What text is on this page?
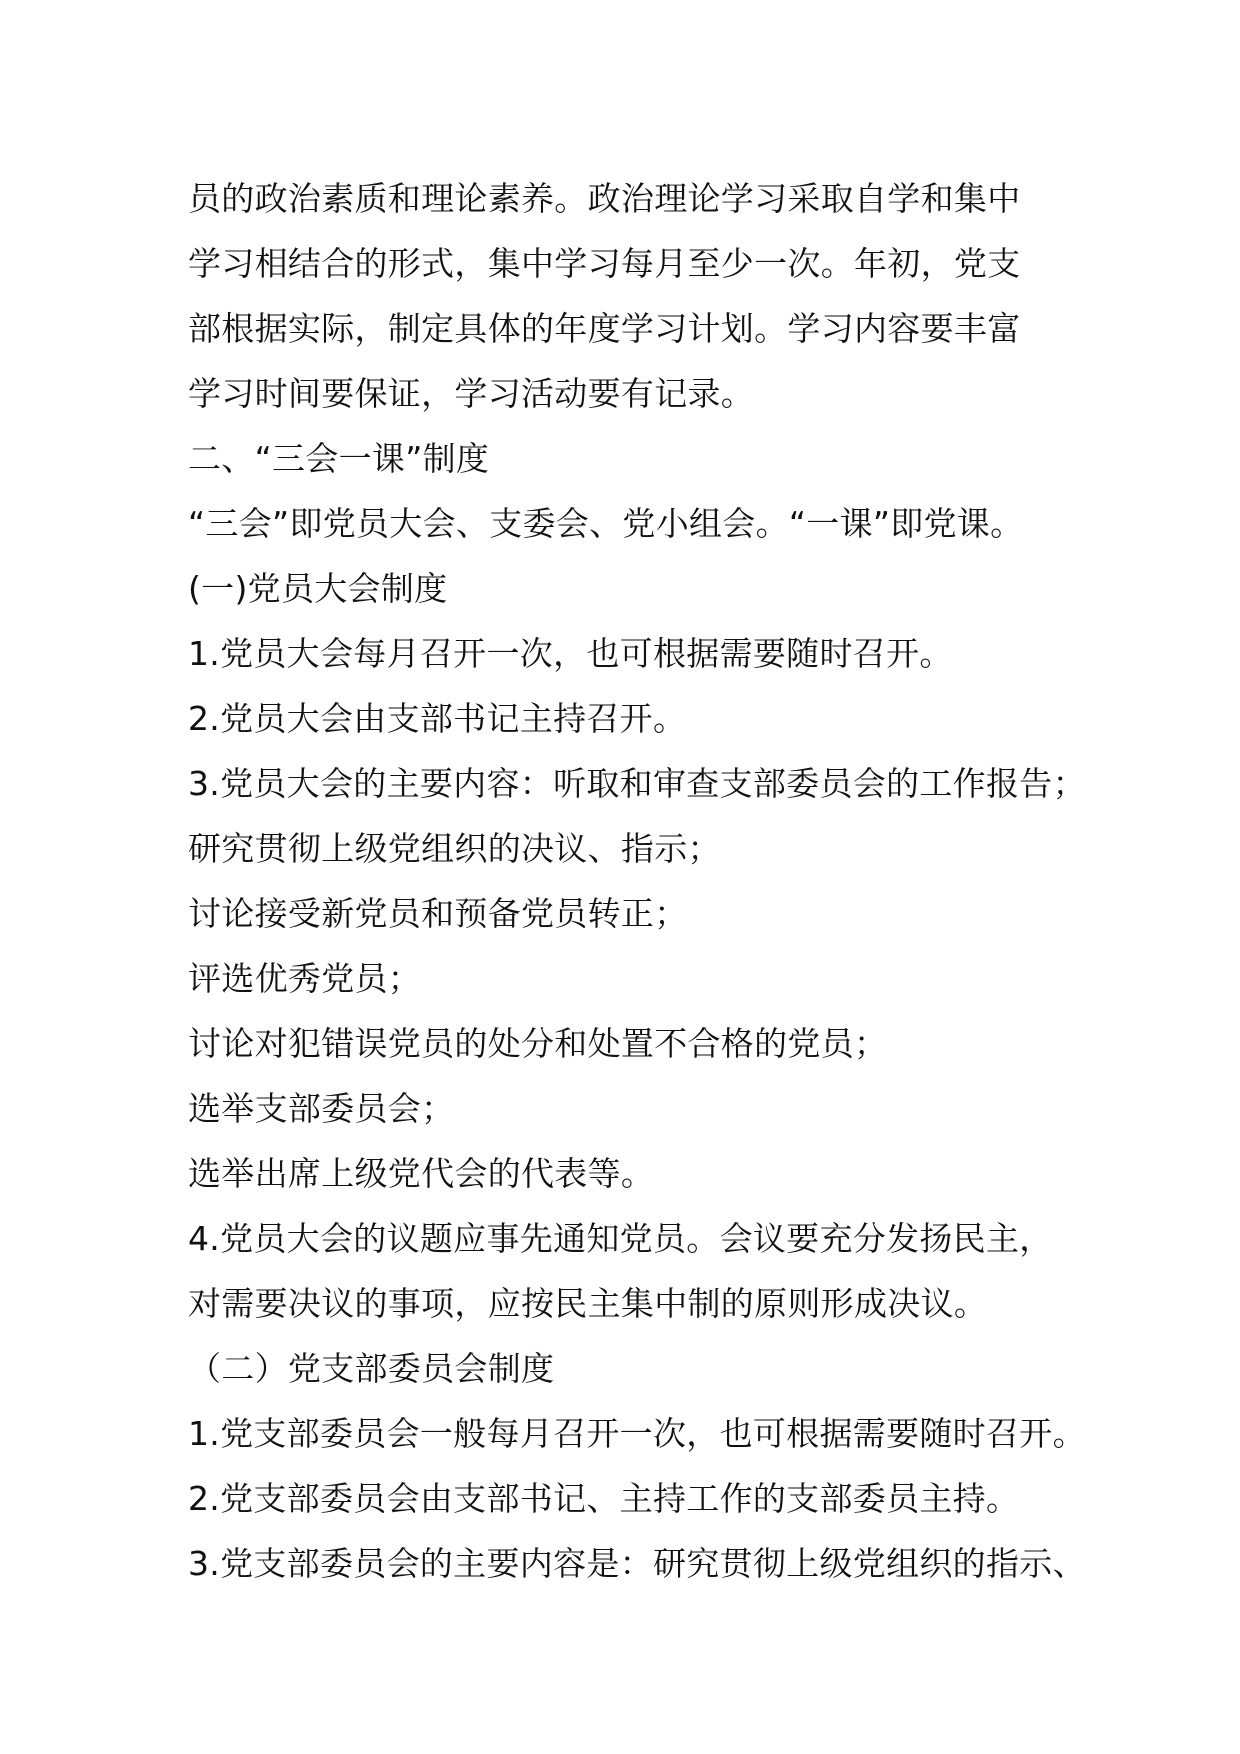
员的政治素质和理论素养。政治理论学习采取自学和集中
学习相结合的形式，集中学习每月至少一次。年初，党支
部根据实际，制定具体的年度学习计划。学习内容要丰富
学习时间要保证，学习活动要有记录。
二、“三会一课”制度
“三会”即党员大会、支委会、党小组会。“一课”即党课。
(一)党员大会制度
1.党员大会每月召开一次，也可根据需要随时召开。
2.党员大会由支部书记主持召开。
3.党员大会的主要内容：听取和审查支部委员会的工作报告；
研究贯彻上级党组织的决议、指示；
讨论接受新党员和预备党员转正；
评选优秀党员；
讨论对犯错误党员的处分和处置不合格的党员；
选举支部委员会；
选举出席上级党代会的代表等。
4.党员大会的议题应事先通知党员。会议要充分发扬民主，
对需要决议的事项，应按民主集中制的原则形成决议。
（二）党支部委员会制度
1.党支部委员会一般每月召开一次，也可根据需要随时召开。
2.党支部委员会由支部书记、主持工作的支部委员主持。
3.党支部委员会的主要内容是：研究贯彻上级党组织的指示、
